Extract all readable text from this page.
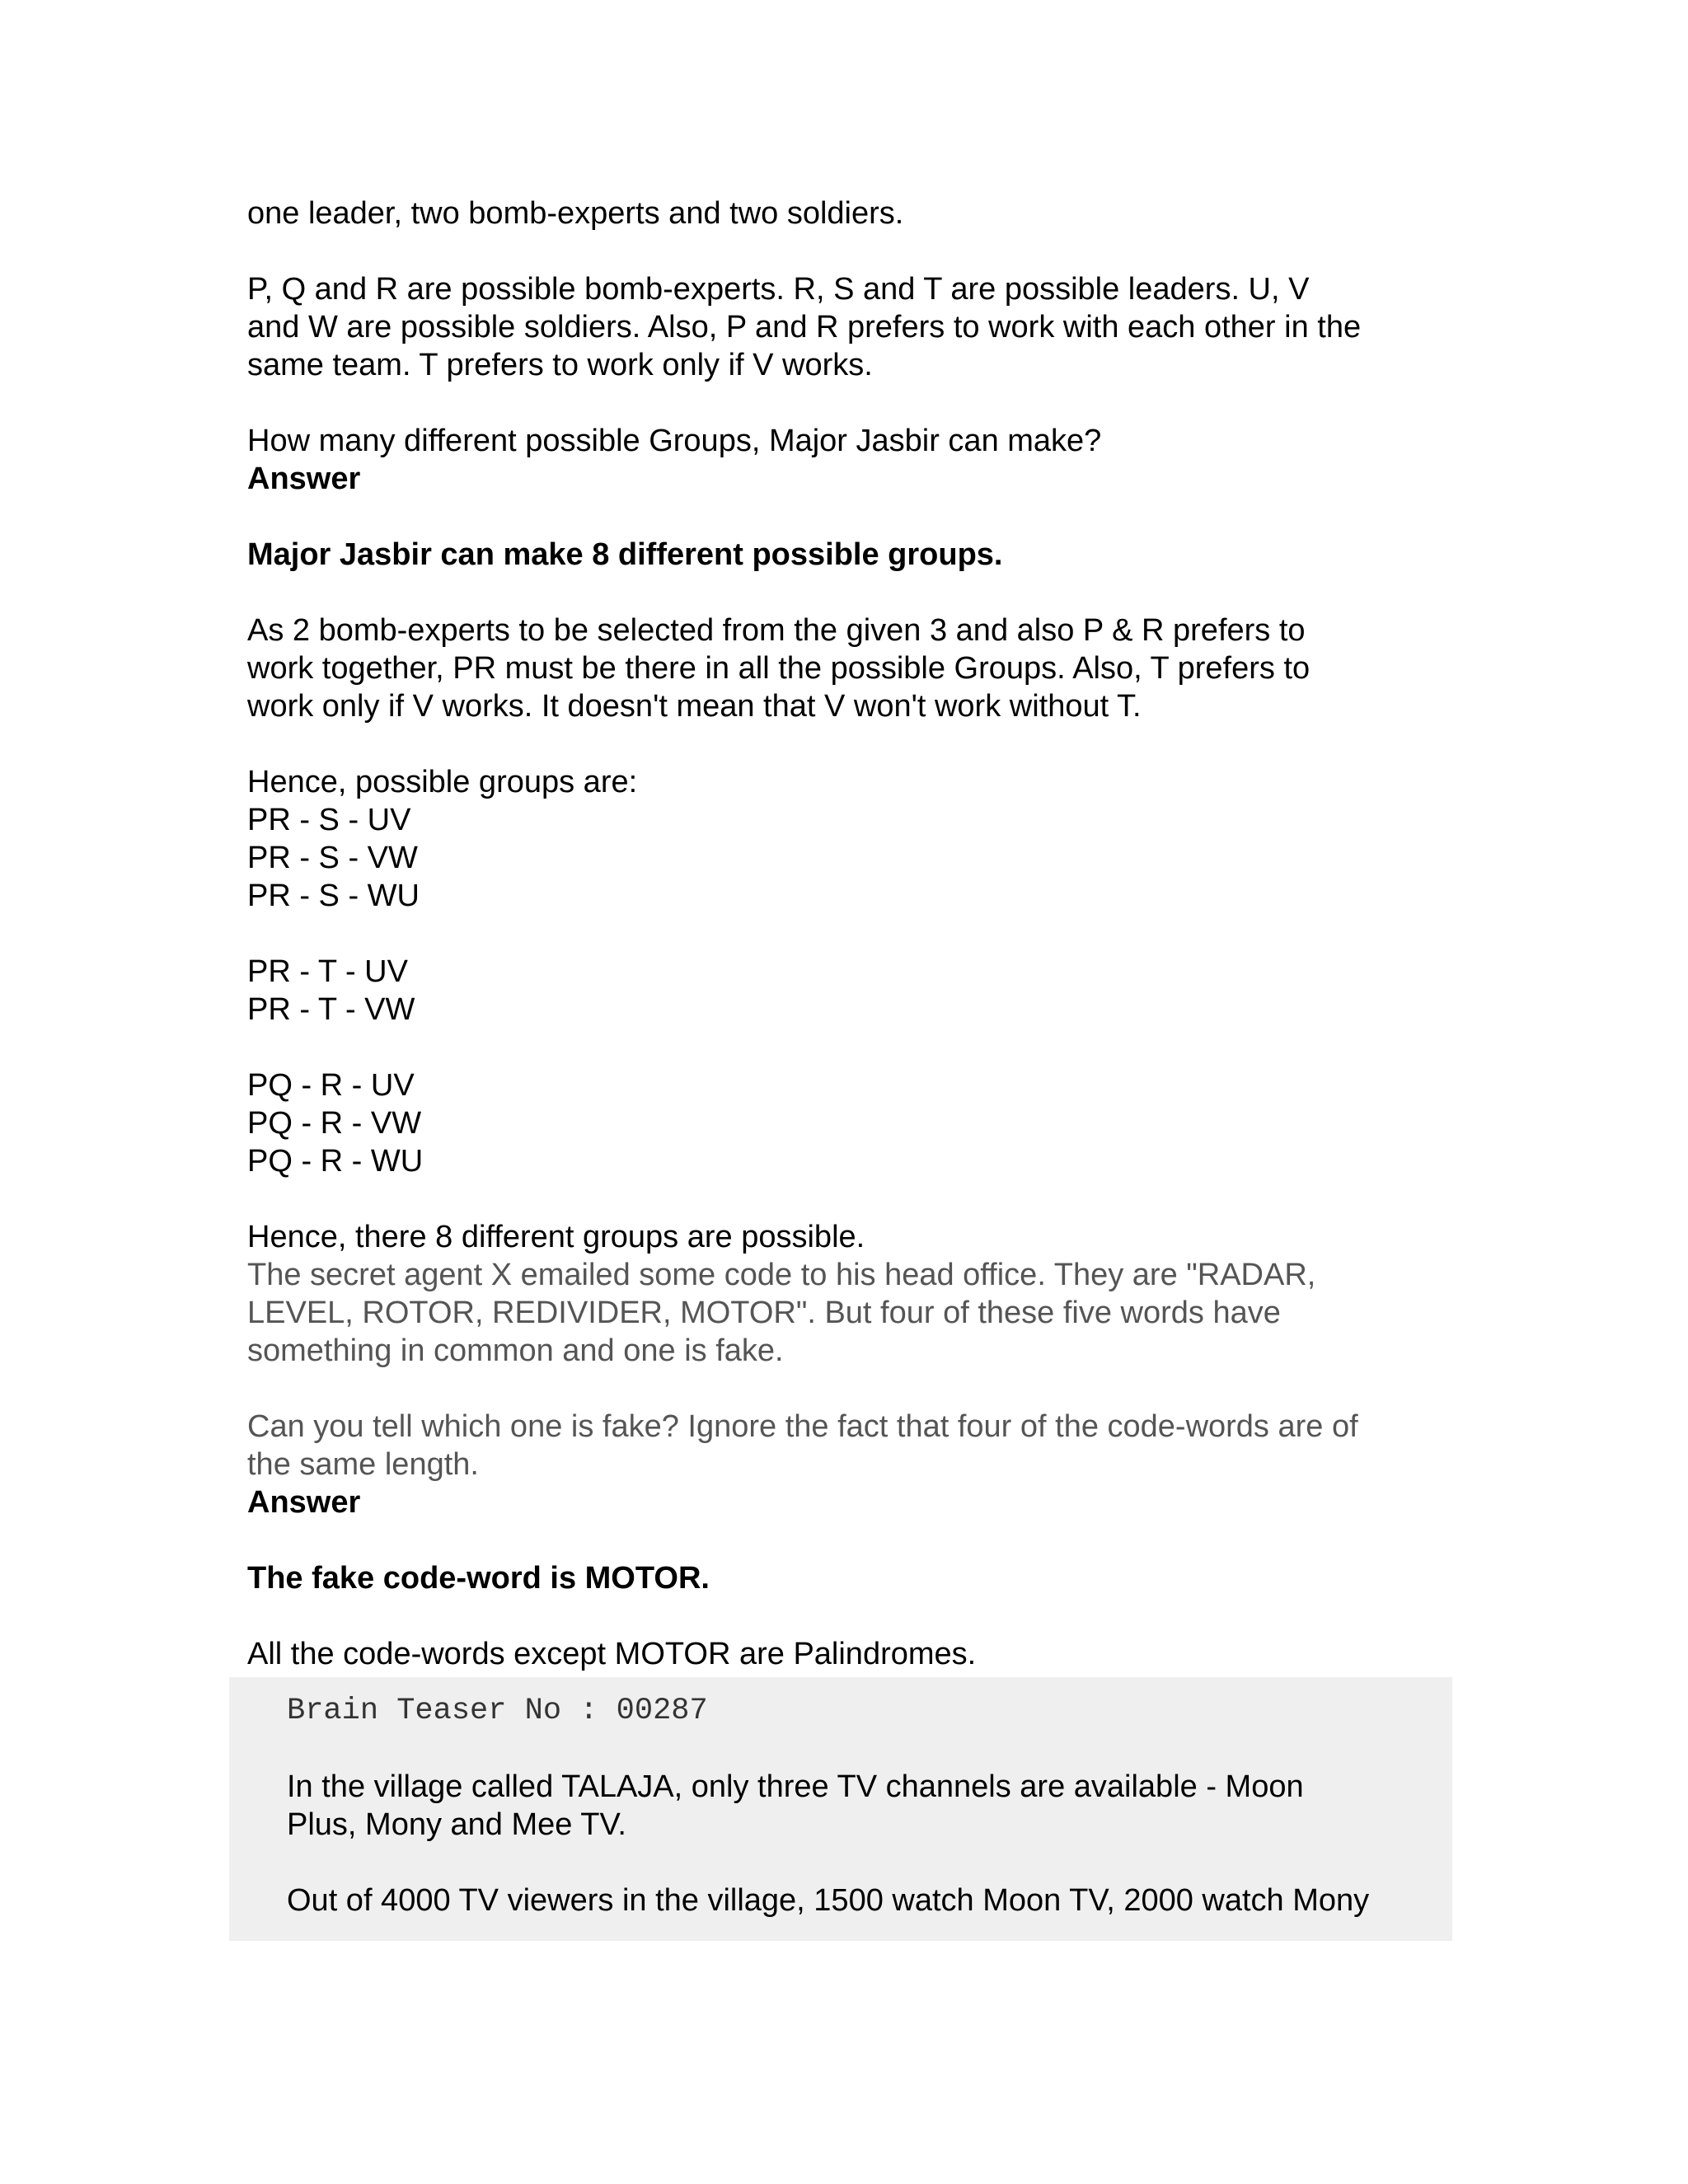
one leader, two bomb-experts and two soldiers.
P, Q and R are possible bomb-experts. R, S and T are possible leaders. U, V
and W are possible soldiers. Also, P and R prefers to work with each other in the
same team. T prefers to work only if V works.
How many different possible Groups, Major Jasbir can make?
Answer
Major Jasbir can make 8 different possible groups.
As 2 bomb-experts to be selected from the given 3 and also P & R prefers to
work together, PR must be there in all the possible Groups. Also, T prefers to
work only if V works. It doesn't mean that V won't work without T.
Hence, possible groups are:
PR - S - UV
PR - S - VW
PR - S - WU
PR - T - UV
PR - T - VW
PQ - R - UV
PQ - R - VW
PQ - R - WU
Hence, there 8 different groups are possible.
The secret agent X emailed some code to his head office. They are "RADAR,
LEVEL, ROTOR, REDIVIDER, MOTOR". But four of these five words have
something in common and one is fake.
Can you tell which one is fake? Ignore the fact that four of the code-words are of
the same length.
Answer
The fake code-word is MOTOR.
All the code-words except MOTOR are Palindromes.
Brain Teaser No : 00287
In the village called TALAJA, only three TV channels are available - Moon
Plus, Mony and Mee TV.
Out of 4000 TV viewers in the village, 1500 watch Moon TV, 2000 watch Mony
